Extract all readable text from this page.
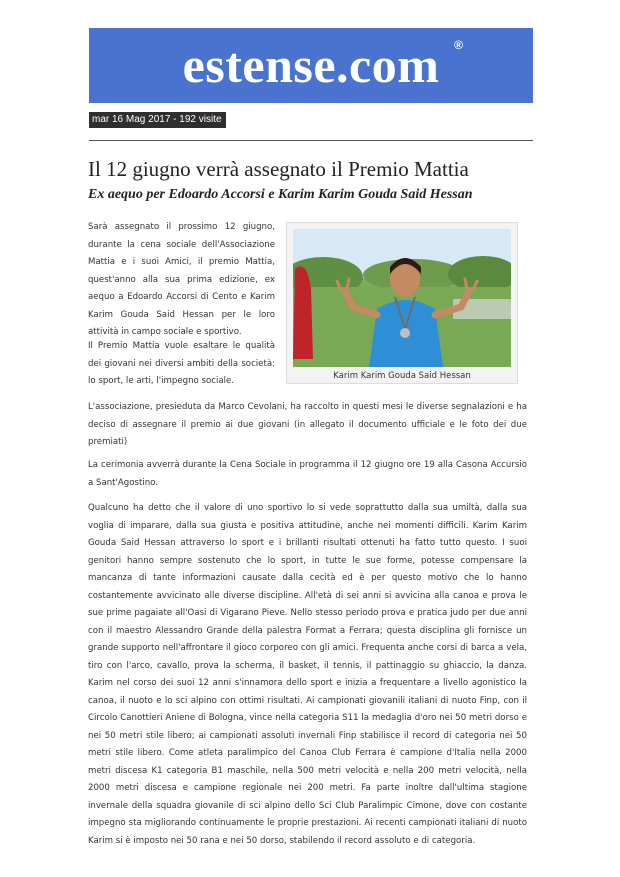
estense.com ®
mar 16 Mag 2017 - 192 visite
Il 12 giugno verrà assegnato il Premio Mattia
Ex aequo per Edoardo Accorsi e Karim Karim Gouda Said Hessan

Sarà assegnato il prossimo 12 giugno, durante la cena sociale dell'Associazione Mattia e i suoi Amici, il premio Mattia, quest'anno alla sua prima edizione, ex aequo a Edoardo Accorsi di Cento e Karim Karim Gouda Said Hessan per le loro attività in campo sociale e sportivo.

Karim Karim Gouda Said Hessan

Il Premio Mattia vuole esaltare le qualità dei giovani nei diversi ambiti della società: lo sport, le arti, l'impegno sociale.

L'associazione, presieduta da Marco Cevolani, ha raccolto in questi mesi le diverse segnalazioni e ha deciso di assegnare il premio ai due giovani (in allegato il documento ufficiale e le foto dei due premiati)

La cerimonia avverrà durante la Cena Sociale in programma il 12 giugno ore 19 alla Casona Accursio a Sant'Agostino.

Qualcuno ha detto che il valore di uno sportivo lo si vede soprattutto dalla sua umiltà, dalla sua voglia di imparare, dalla sua giusta e positiva attitudine, anche nei momenti difficili. Karim Karim Gouda Said Hessan attraverso lo sport e i brillanti risultati ottenuti ha fatto tutto questo. I suoi genitori hanno sempre sostenuto che lo sport, in tutte le sue forme, potesse compensare la mancanza di tante informazioni causate dalla cecità ed è per questo motivo che lo hanno costantemente avvicinato alle diverse discipline. All'età di sei anni si avvicina alla canoa e prova le sue prime pagaiate all'Oasi di Vigarano Pieve. Nello stesso periodo prova e pratica judo per due anni con il maestro Alessandro Grande della palestra Format a Ferrara; questa disciplina gli fornisce un grande supporto nell'affrontare il gioco corporeo con gli amici. Frequenta anche corsi di barca a vela, tiro con l'arco, cavallo, prova la scherma, il basket, il tennis, il pattinaggio su ghiaccio, la danza. Karim nel corso dei suoi 12 anni s'innamora dello sport e inizia a frequentare a livello agonistico la canoa, il nuoto e lo sci alpino con ottimi risultati. Ai campionati giovanili italiani di nuoto Finp, con il Circolo Canottieri Aniene di Bologna, vince nella categoria S11 la medaglia d'oro nei 50 metri dorso e nei 50 metri stile libero; ai campionati assoluti invernali Finp stabilisce il record di categoria nei 50 metri stile libero. Come atleta paralimpico del Canoa Club Ferrara è campione d'Italia nella 2000 metri discesa K1 categoria B1 maschile, nella 500 metri velocità e nella 200 metri velocità, nella 2000 metri discesa e campione regionale nei 200 metri. Fa parte inoltre dall'ultima stagione invernale della squadra giovanile di sci alpino dello Sci Club Paralimpic Cimone, dove con costante impegno sta migliorando continuamente le proprie prestazioni. Ai recenti campionati italiani di nuoto Karim si è imposto nei 50 rana e nei 50 dorso, stabilendo il record assoluto e di categoria.
